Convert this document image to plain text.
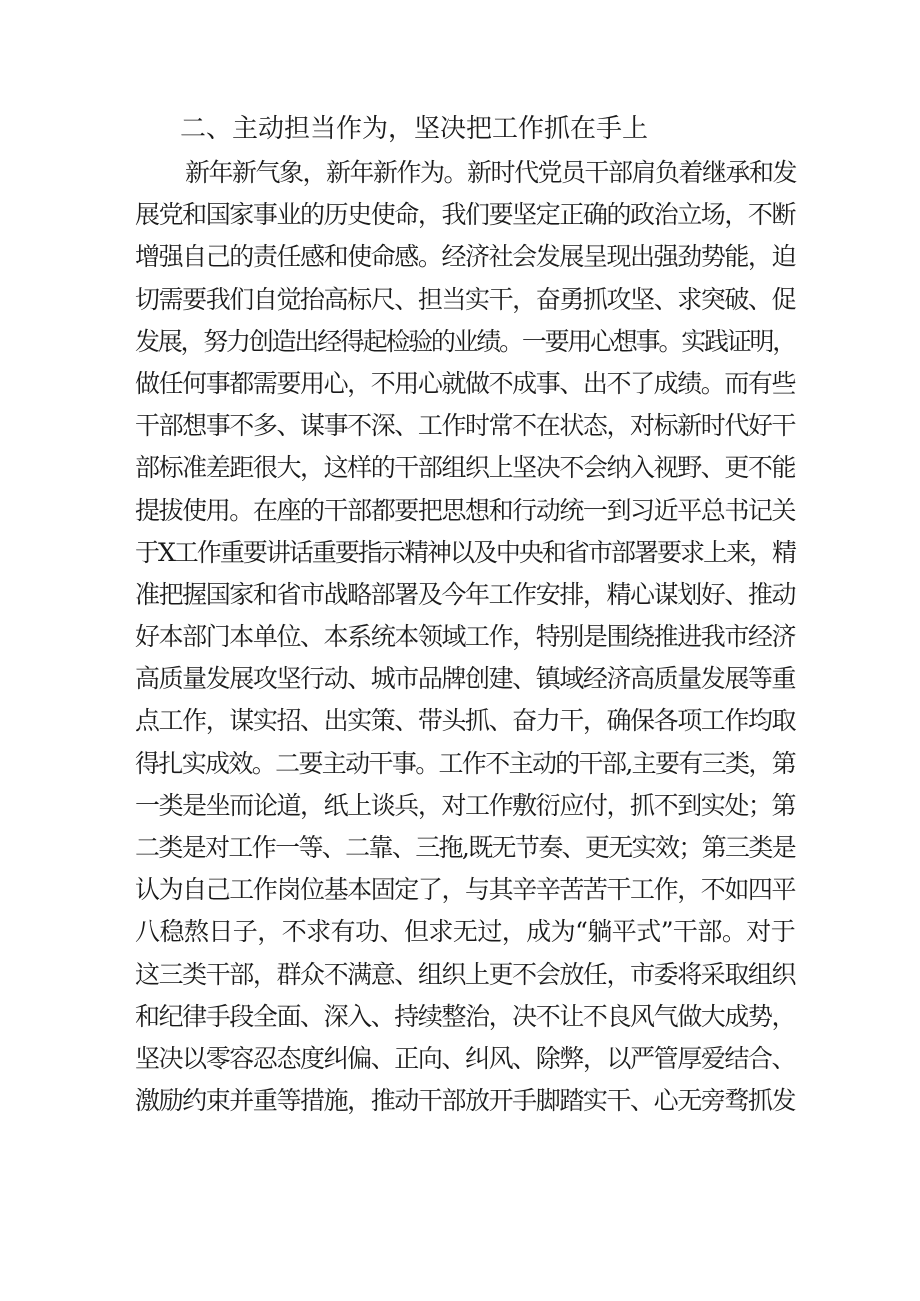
二、主动担当作为，坚决把工作抓在手上
新年新气象，新年新作为。新时代党员干部肩负着继承和发
展党和国家事业的历史使命，我们要坚定正确的政治立场，不断
增强自己的责任感和使命感。经济社会发展呈现出强劲势能，迫
切需要我们自觉抬高标尺、担当实干，奋勇抓攻坚、求突破、促
发展，努力创造出经得起检验的业绩。一要用心想事。实践证明，
做任何事都需要用心，不用心就做不成事、出不了成绩。而有些
干部想事不多、谋事不深、工作时常不在状态，对标新时代好干
部标准差距很大，这样的干部组织上坚决不会纳入视野、更不能
提拔使用。在座的干部都要把思想和行动统一到习近平总书记关
于X工作重要讲话重要指示精神以及中央和省市部署要求上来，精
准把握国家和省市战略部署及今年工作安排，精心谋划好、推动
好本部门本单位、本系统本领域工作，特别是围绕推进我市经济
高质量发展攻坚行动、城市品牌创建、镇域经济高质量发展等重
点工作，谋实招、出实策、带头抓、奋力干，确保各项工作均取
得扎实成效。二要主动干事。工作不主动的干部,主要有三类，第
一类是坐而论道，纸上谈兵，对工作敷衍应付，抓不到实处；第
二类是对工作一等、二靠、三拖,既无节奏、更无实效；第三类是
认为自己工作岗位基本固定了，与其辛辛苦苦干工作，不如四平
八稳熬日子，不求有功、但求无过，成为“躺平式”干部。对于
这三类干部，群众不满意、组织上更不会放任，市委将采取组织
和纪律手段全面、深入、持续整治，决不让不良风气做大成势，
坚决以零容忍态度纠偏、正向、纠风、除弊，以严管厚爱结合、
激励约束并重等措施，推动干部放开手脚踏实干、心无旁骛抓发
